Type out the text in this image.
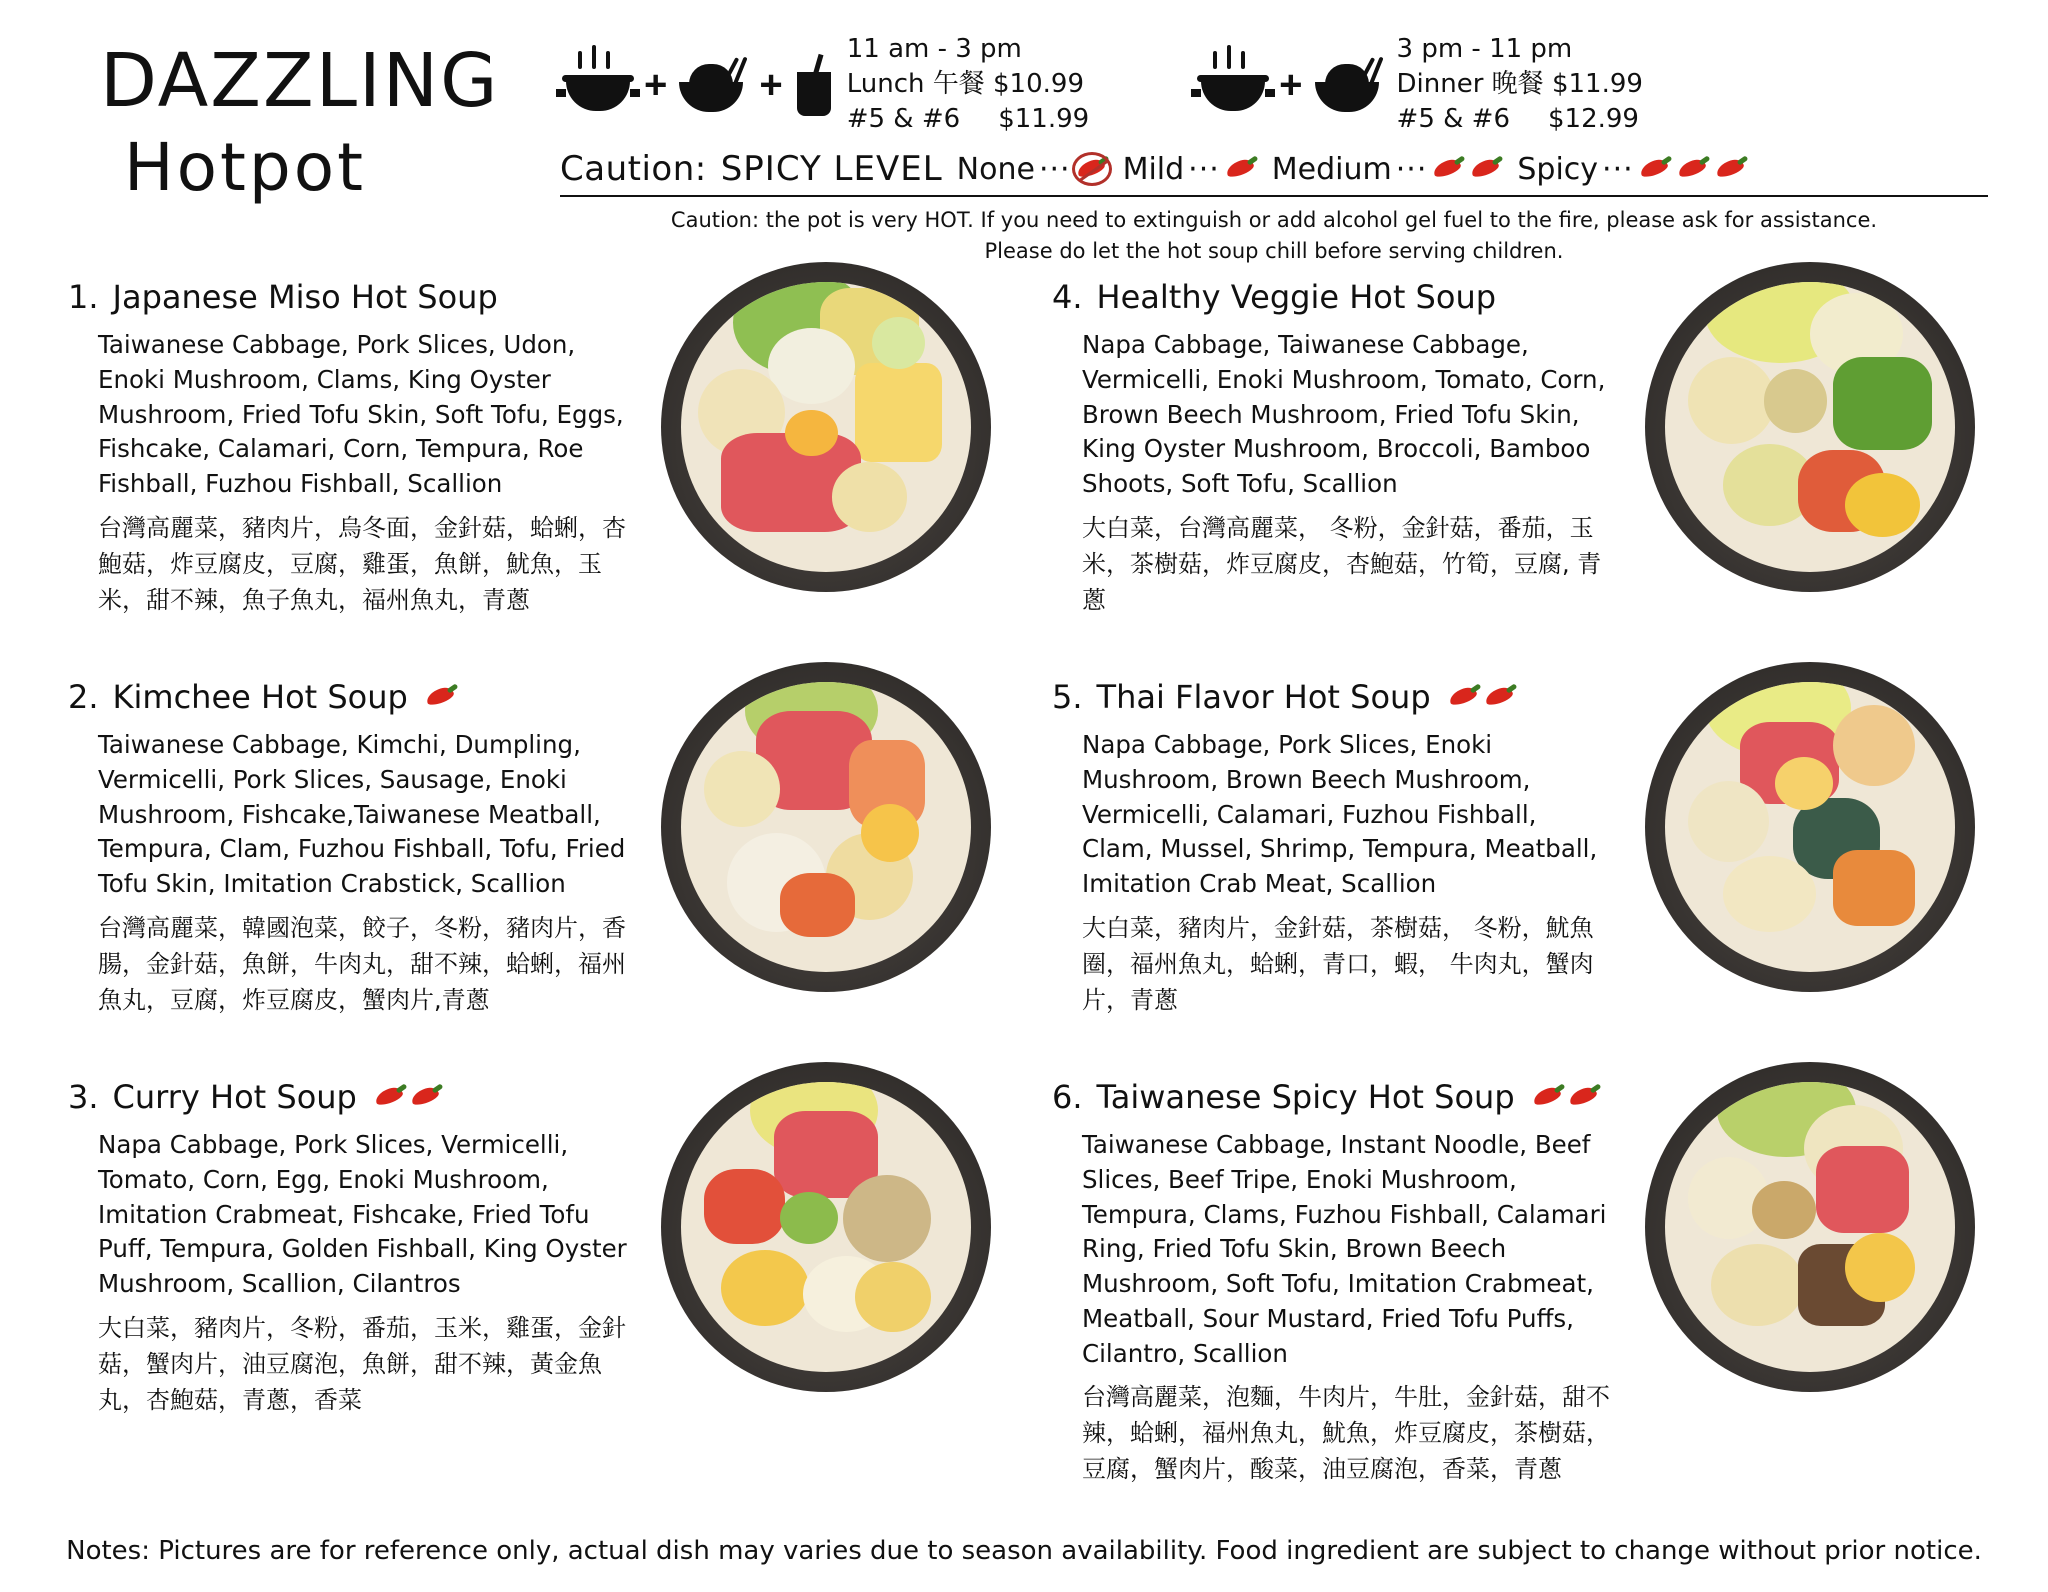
DAZZLING
Hotpot
+ +
11 am - 3 pm
Lunch 午餐 $10.99
#5 & #6 $11.99
+
3 pm - 11 pm
Dinner 晚餐 $11.99
#5 & #6 $12.99
Caution: SPICY LEVEL None ··· Mild ··· Medium ···	Spicy ···
Caution: the pot is very HOT. If you need to extinguish or add alcohol gel fuel to the fire, please ask for assistance.
Please do let the hot soup chill before serving children.
1. Japanese Miso Hot Soup
Taiwanese Cabbage, Pork Slices, Udon, Enoki Mushroom, Clams, King Oyster Mushroom, Fried Tofu Skin, Soft Tofu, Eggs, Fishcake, Calamari, Corn, Tempura, Roe Fishball, Fuzhou Fishball, Scallion
台灣高麗菜，豬肉片，烏冬面，金針菇，蛤蜊，杏鮑菇，炸豆腐皮，豆腐，雞蛋，魚餅，魷魚，玉米，甜不辣，魚子魚丸，福州魚丸，青蔥
4. Healthy Veggie Hot Soup
Napa Cabbage, Taiwanese Cabbage, Vermicelli, Enoki Mushroom, Tomato, Corn, Brown Beech Mushroom, Fried Tofu Skin, King Oyster Mushroom, Broccoli, Bamboo Shoots, Soft Tofu, Scallion
大白菜，台灣高麗菜， 冬粉，金針菇，番茄，玉米，茶樹菇，炸豆腐皮，杏鮑菇，竹筍，豆腐, 青蔥
2. Kimchee Hot Soup
Taiwanese Cabbage, Kimchi, Dumpling, Vermicelli, Pork Slices, Sausage, Enoki Mushroom, Fishcake,Taiwanese Meatball, Tempura, Clam, Fuzhou Fishball, Tofu, Fried Tofu Skin, Imitation Crabstick, Scallion
台灣高麗菜，韓國泡菜，餃子，冬粉，豬肉片，香腸，金針菇，魚餅，牛肉丸，甜不辣，蛤蜊，福州魚丸，豆腐，炸豆腐皮，蟹肉片,青蔥
5. Thai Flavor Hot Soup
Napa Cabbage, Pork Slices, Enoki Mushroom, Brown Beech Mushroom, Vermicelli, Calamari, Fuzhou Fishball, Clam, Mussel, Shrimp, Tempura, Meatball, Imitation Crab Meat, Scallion
大白菜，豬肉片，金針菇，茶樹菇， 冬粉，魷魚圈，福州魚丸，蛤蜊，青口，蝦， 牛肉丸，蟹肉片，青蔥
3. Curry Hot Soup
Napa Cabbage, Pork Slices, Vermicelli, Tomato, Corn, Egg, Enoki Mushroom, Imitation Crabmeat, Fishcake, Fried Tofu Puff, Tempura, Golden Fishball, King Oyster Mushroom, Scallion, Cilantros
大白菜，豬肉片，冬粉，番茄，玉米，雞蛋，金針菇，蟹肉片，油豆腐泡，魚餅，甜不辣，黃金魚丸，杏鮑菇，青蔥，香菜
6. Taiwanese Spicy Hot Soup
Taiwanese Cabbage, Instant Noodle, Beef Slices, Beef Tripe, Enoki Mushroom, Tempura, Clams, Fuzhou Fishball, Calamari Ring, Fried Tofu Skin, Brown Beech Mushroom, Soft Tofu, Imitation Crabmeat, Meatball, Sour Mustard, Fried Tofu Puffs, Cilantro, Scallion
台灣高麗菜，泡麵，牛肉片，牛肚，金針菇，甜不辣，蛤蜊，福州魚丸，魷魚，炸豆腐皮，茶樹菇，豆腐，蟹肉片，酸菜，油豆腐泡，香菜，青蔥
Notes: Pictures are for reference only, actual dish may varies due to season availability. Food ingredient are subject to change without prior notice.
